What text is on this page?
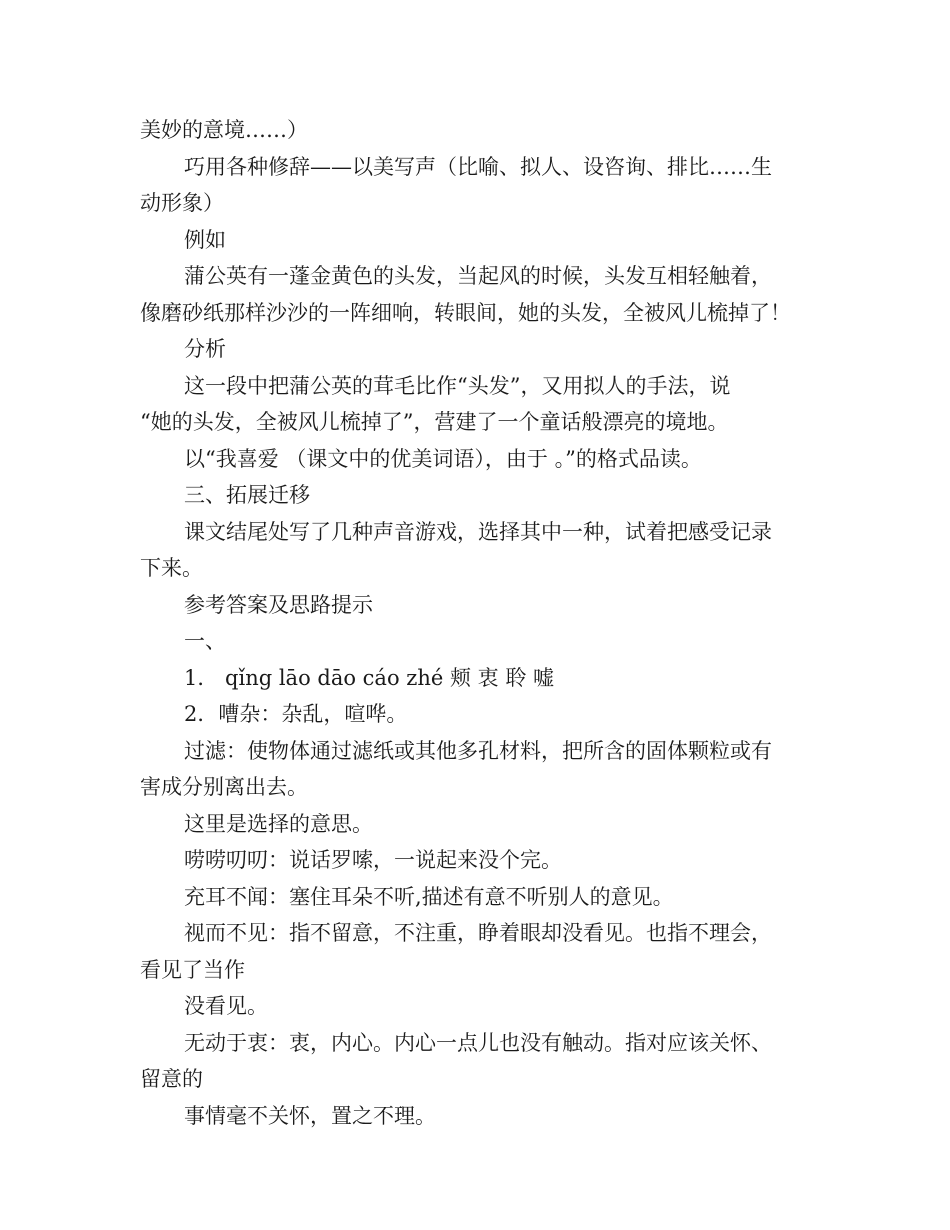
美妙的意境……）

巧用各种修辞——以美写声（比喻、拟人、设咨询、排比……生

动形象）

例如

蒲公英有一蓬金黄色的头发，当起风的时候，头发互相轻触着，

像磨砂纸那样沙沙的一阵细响，转眼间，她的头发，全被风儿梳掉了！

分析

这一段中把蒲公英的茸毛比作“头发”，又用拟人的手法，说

“她的头发，全被风儿梳掉了”，营建了一个童话般漂亮的境地。

以“我喜爱 （课文中的优美词语），由于 。”的格式品读。

三、拓展迁移

课文结尾处写了几种声音游戏，选择其中一种，试着把感受记录

下来。

参考答案及思路提示

一、

1． qǐng lāo dāo cáo zhé 颊 衷 聆 嘘

2．嘈杂：杂乱，喧哗。

过滤：使物体通过滤纸或其他多孔材料，把所含的固体颗粒或有

害成分别离出去。

这里是选择的意思。

唠唠叨叨：说话罗嗦，一说起来没个完。

充耳不闻：塞住耳朵不听,描述有意不听别人的意见。

视而不见：指不留意，不注重，睁着眼却没看见。也指不理会，

看见了当作

没看见。

无动于衷：衷，内心。内心一点儿也没有触动。指对应该关怀、

留意的

事情毫不关怀，置之不理。
